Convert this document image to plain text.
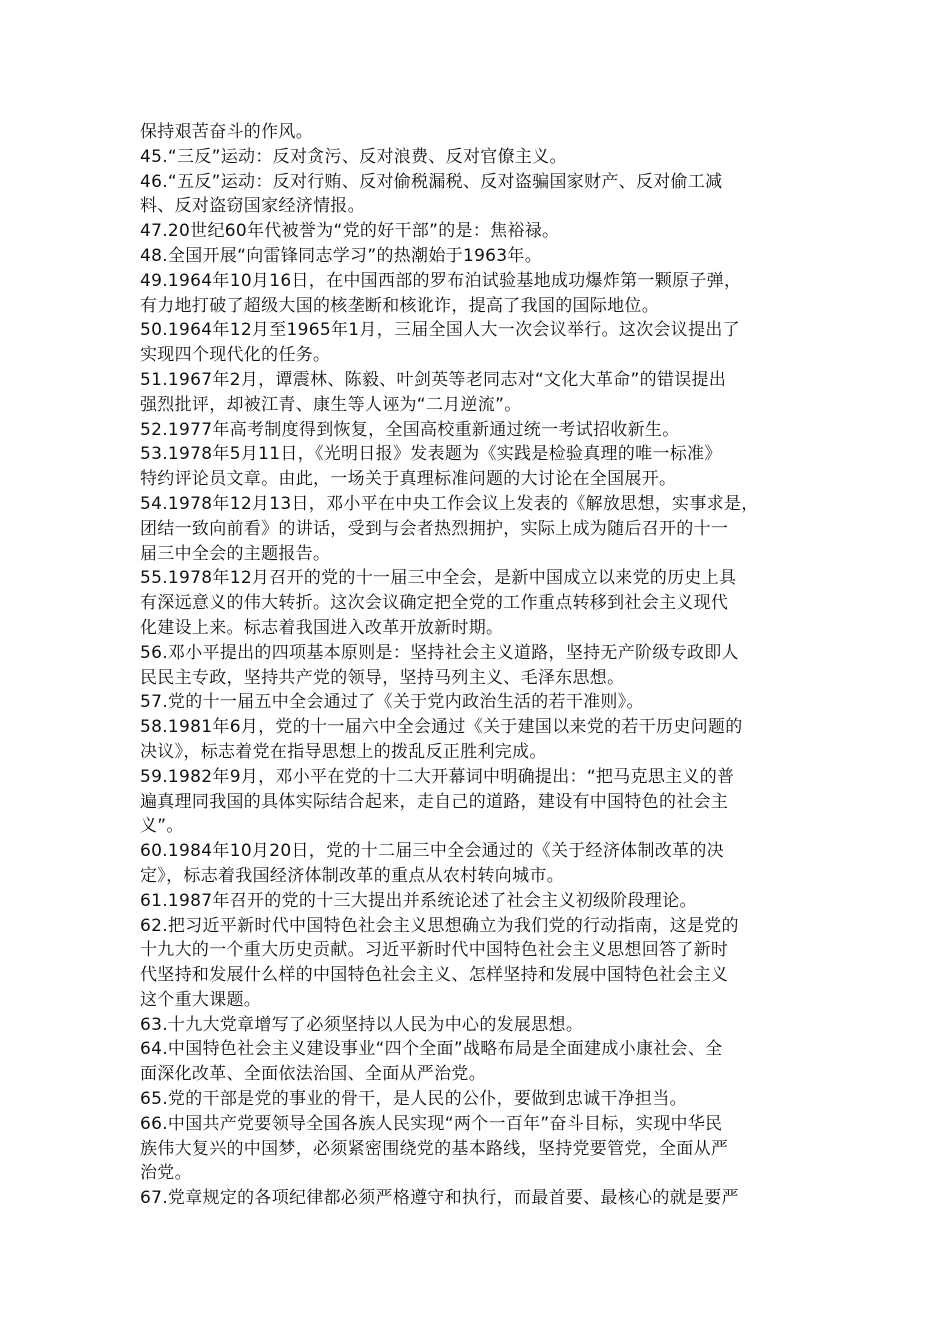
保持艰苦奋斗的作风。
45.“三反”运动：反对贪污、反对浪费、反对官僚主义。
46.“五反”运动：反对行贿、反对偷税漏税、反对盗骗国家财产、反对偷工减
料、反对盗窃国家经济情报。
47.20世纪60年代被誉为“党的好干部”的是：焦裕禄。
48.全国开展“向雷锋同志学习”的热潮始于1963年。
49.1964年10月16日，在中国西部的罗布泊试验基地成功爆炸第一颗原子弹，
有力地打破了超级大国的核垄断和核讹诈，提高了我国的国际地位。
50.1964年12月至1965年1月，三届全国人大一次会议举行。这次会议提出了
实现四个现代化的任务。
51.1967年2月，谭震林、陈毅、叶剑英等老同志对“文化大革命”的错误提出
强烈批评，却被江青、康生等人诬为“二月逆流”。
52.1977年高考制度得到恢复，全国高校重新通过统一考试招收新生。
53.1978年5月11日，《光明日报》发表题为《实践是检验真理的唯一标准》
特约评论员文章。由此，一场关于真理标准问题的大讨论在全国展开。
54.1978年12月13日，邓小平在中央工作会议上发表的《解放思想，实事求是，
团结一致向前看》的讲话，受到与会者热烈拥护，实际上成为随后召开的十一
届三中全会的主题报告。
55.1978年12月召开的党的十一届三中全会，是新中国成立以来党的历史上具
有深远意义的伟大转折。这次会议确定把全党的工作重点转移到社会主义现代
化建设上来。标志着我国进入改革开放新时期。
56.邓小平提出的四项基本原则是：坚持社会主义道路，坚持无产阶级专政即人
民民主专政，坚持共产党的领导，坚持马列主义、毛泽东思想。
57.党的十一届五中全会通过了《关于党内政治生活的若干准则》。
58.1981年6月，党的十一届六中全会通过《关于建国以来党的若干历史问题的
决议》，标志着党在指导思想上的拨乱反正胜利完成。
59.1982年9月，邓小平在党的十二大开幕词中明确提出：“把马克思主义的普
遍真理同我国的具体实际结合起来，走自己的道路，建设有中国特色的社会主
义”。
60.1984年10月20日，党的十二届三中全会通过的《关于经济体制改革的决
定》，标志着我国经济体制改革的重点从农村转向城市。
61.1987年召开的党的十三大提出并系统论述了社会主义初级阶段理论。
62.把习近平新时代中国特色社会主义思想确立为我们党的行动指南，这是党的
十九大的一个重大历史贡献。习近平新时代中国特色社会主义思想回答了新时
代坚持和发展什么样的中国特色社会主义、怎样坚持和发展中国特色社会主义
这个重大课题。
63.十九大党章增写了必须坚持以人民为中心的发展思想。
64.中国特色社会主义建设事业“四个全面”战略布局是全面建成小康社会、全
面深化改革、全面依法治国、全面从严治党。
65.党的干部是党的事业的骨干，是人民的公仆，要做到忠诚干净担当。
66.中国共产党要领导全国各族人民实现“两个一百年”奋斗目标，实现中华民
族伟大复兴的中国梦，必须紧密围绕党的基本路线，坚持党要管党，全面从严
治党。
67.党章规定的各项纪律都必须严格遵守和执行，而最首要、最核心的就是要严
